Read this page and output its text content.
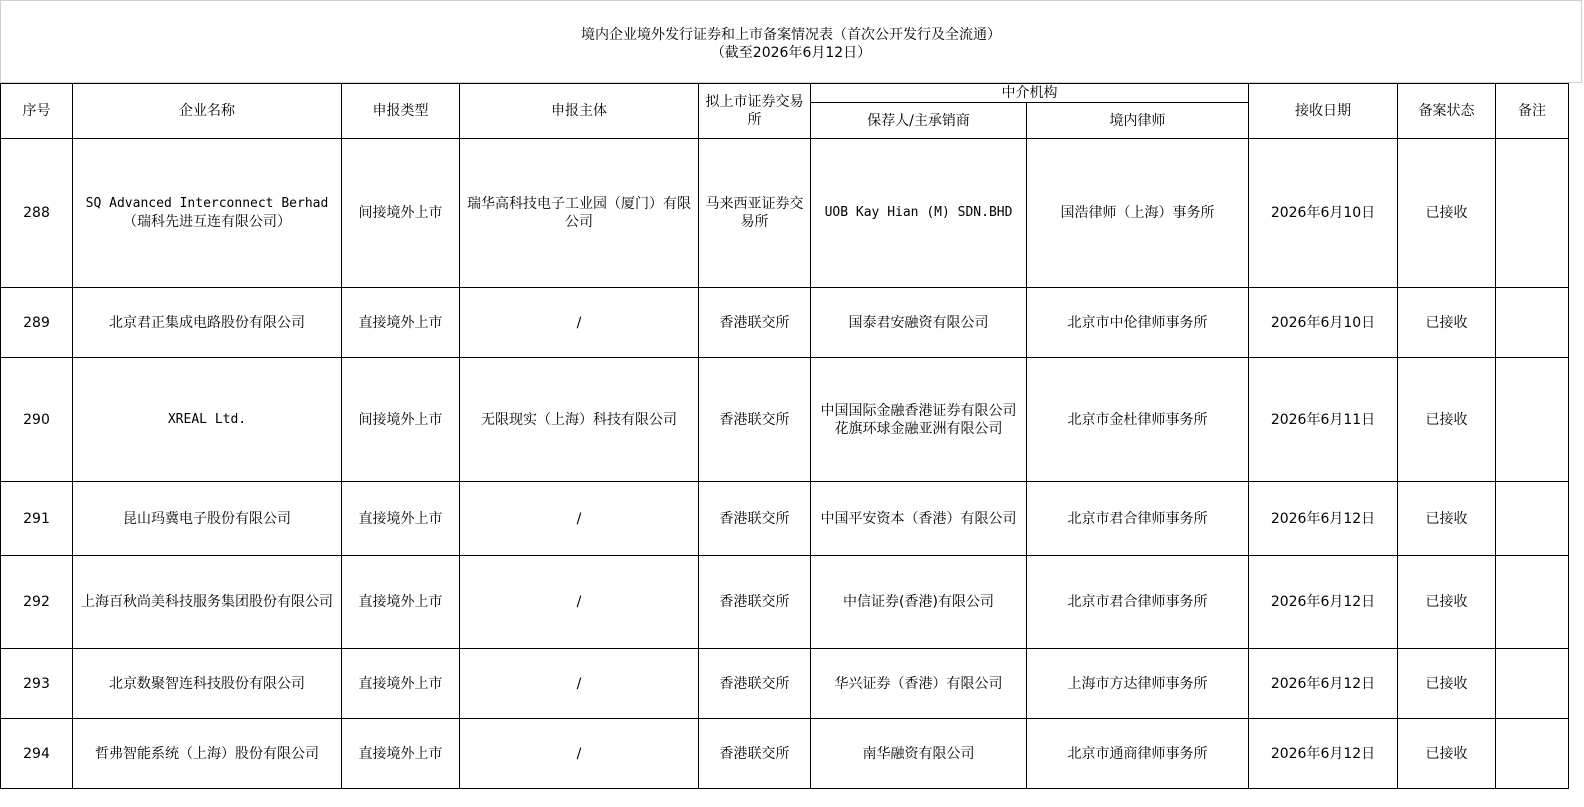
境内企业境外发行证券和上市备案情况表（首次公开发行及全流通）
（截至2026年6月12日）
序号	企业名称	申报类型	申报主体	拟上市证券交易所	中介机构		接收日期	备案状态	备注
					保荐人/主承销商	境内律师			
288	SQ Advanced Interconnect Berhad
（瑞科先进互连有限公司）	间接境外上市	瑞华高科技电子工业园（厦门）有限公司	马来西亚证券交易所	UOB Kay Hian (M) SDN.BHD	国浩律师（上海）事务所	2026年6月10日	已接收	
289	北京君正集成电路股份有限公司	直接境外上市	/	香港联交所	国泰君安融资有限公司	北京市中伦律师事务所	2026年6月10日	已接收	
290	XREAL Ltd.	间接境外上市	无限现实（上海）科技有限公司	香港联交所	中国国际金融香港证券有限公司
花旗环球金融亚洲有限公司	北京市金杜律师事务所	2026年6月11日	已接收	
291	昆山玛冀电子股份有限公司	直接境外上市	/	香港联交所	中国平安资本（香港）有限公司	北京市君合律师事务所	2026年6月12日	已接收	
292	上海百秋尚美科技服务集团股份有限公司	直接境外上市	/	香港联交所	中信证券(香港)有限公司	北京市君合律师事务所	2026年6月12日	已接收	
293	北京数聚智连科技股份有限公司	直接境外上市	/	香港联交所	华兴证券（香港）有限公司	上海市方达律师事务所	2026年6月12日	已接收	
294	哲弗智能系统（上海）股份有限公司	直接境外上市	/	香港联交所	南华融资有限公司	北京市通商律师事务所	2026年6月12日	已接收	
